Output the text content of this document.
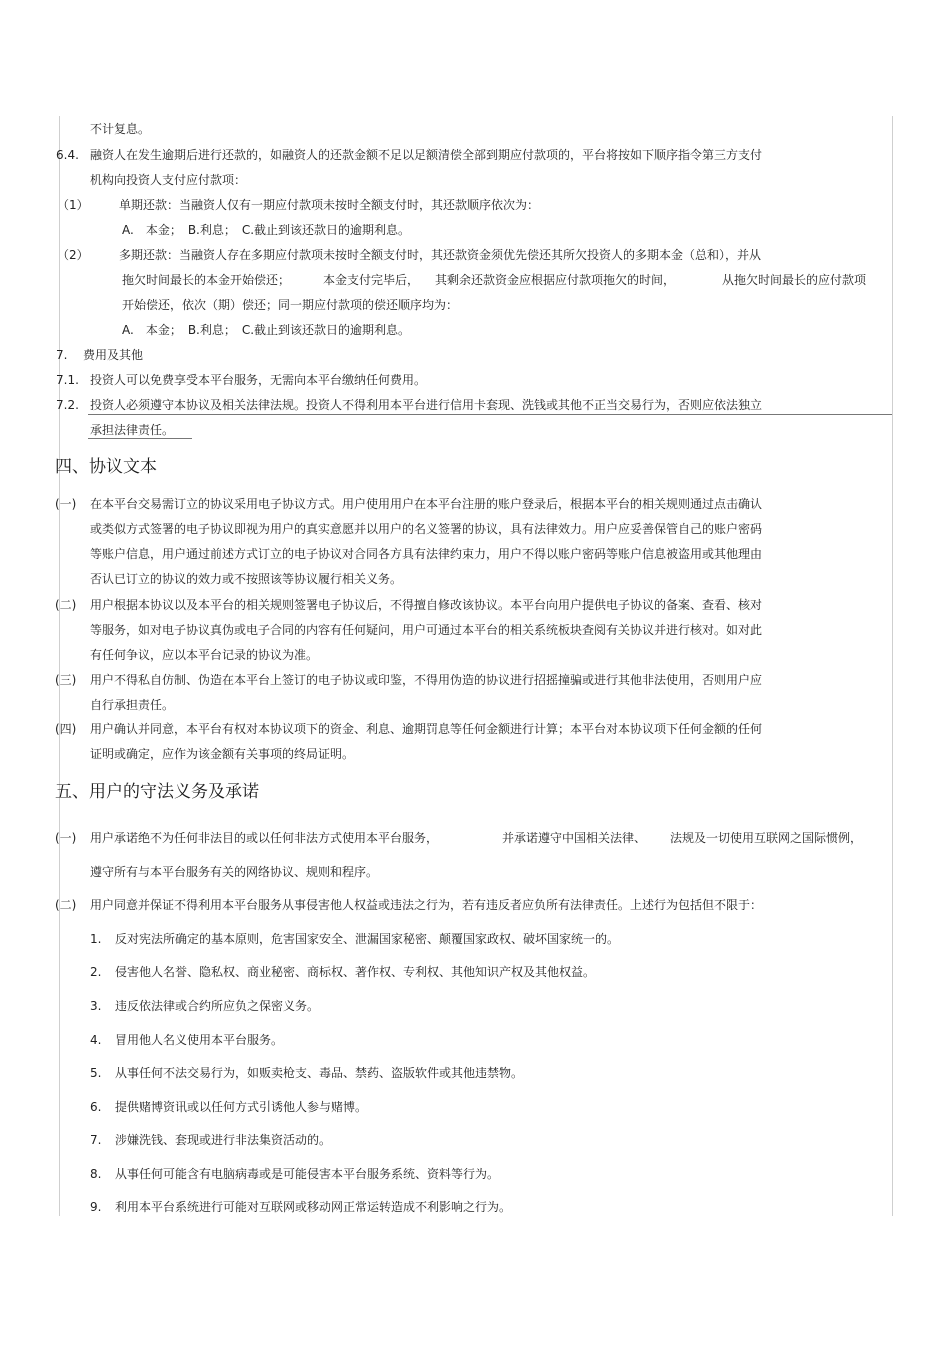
不计复息。
6.4. 融资人在发生逾期后进行还款的，如融资人的还款金额不足以足额清偿全部到期应付款项的，平台将按如下顺序指令第三方支付
机构向投资人支付应付款项：
（1）	单期还款：当融资人仅有一期应付款项未按时全额支付时，其还款顺序依次为：
A.　本金；　B.利息；　C.截止到该还款日的逾期利息。
（2）	多期还款：当融资人存在多期应付款项未按时全额支付时，其还款资金须优先偿还其所欠投资人的多期本金（总和），并从
拖欠时间最长的本金开始偿还；	本金支付完毕后， 其剩余还款资金应根据应付款项拖欠的时间，	从拖欠时间最长的应付款项
开始偿还，依次（期）偿还；同一期应付款项的偿还顺序均为：
A.　本金；　B.利息；　C.截止到该还款日的逾期利息。
7. 费用及其他
7.1. 投资人可以免费享受本平台服务，无需向本平台缴纳任何费用。
7.2. 投资人必须遵守本协议及相关法律法规。投资人不得利用本平台进行信用卡套现、洗钱或其他不正当交易行为，否则应依法独立
承担法律责任。
四、协议文本
(一) 在本平台交易需订立的协议采用电子协议方式。用户使用用户在本平台注册的账户登录后，根据本平台的相关规则通过点击确认
或类似方式签署的电子协议即视为用户的真实意愿并以用户的名义签署的协议，具有法律效力。用户应妥善保管自己的账户密码
等账户信息，用户通过前述方式订立的电子协议对合同各方具有法律约束力，用户不得以账户密码等账户信息被盗用或其他理由
否认已订立的协议的效力或不按照该等协议履行相关义务。
(二) 用户根据本协议以及本平台的相关规则签署电子协议后，不得擅自修改该协议。本平台向用户提供电子协议的备案、查看、核对
等服务，如对电子协议真伪或电子合同的内容有任何疑问，用户可通过本平台的相关系统板块查阅有关协议并进行核对。如对此
有任何争议，应以本平台记录的协议为准。
(三) 用户不得私自仿制、伪造在本平台上签订的电子协议或印鉴，不得用伪造的协议进行招摇撞骗或进行其他非法使用，否则用户应
自行承担责任。
(四) 用户确认并同意，本平台有权对本协议项下的资金、利息、逾期罚息等任何金额进行计算；本平台对本协议项下任何金额的任何
证明或确定，应作为该金额有关事项的终局证明。
五、用户的守法义务及承诺
(一) 用户承诺绝不为任何非法目的或以任何非法方式使用本平台服务，	并承诺遵守中国相关法律、 法规及一切使用互联网之国际惯例，
遵守所有与本平台服务有关的网络协议、规则和程序。
(二) 用户同意并保证不得利用本平台服务从事侵害他人权益或违法之行为，若有违反者应负所有法律责任。上述行为包括但不限于：
1. 反对宪法所确定的基本原则，危害国家安全、泄漏国家秘密、颠覆国家政权、破坏国家统一的。
2. 侵害他人名誉、隐私权、商业秘密、商标权、著作权、专利权、其他知识产权及其他权益。
3. 违反依法律或合约所应负之保密义务。
4. 冒用他人名义使用本平台服务。
5. 从事任何不法交易行为，如贩卖枪支、毒品、禁药、盗版软件或其他违禁物。
6. 提供赌博资讯或以任何方式引诱他人参与赌博。
7. 涉嫌洗钱、套现或进行非法集资活动的。
8. 从事任何可能含有电脑病毒或是可能侵害本平台服务系统、资料等行为。
9. 利用本平台系统进行可能对互联网或移动网正常运转造成不利影响之行为。
